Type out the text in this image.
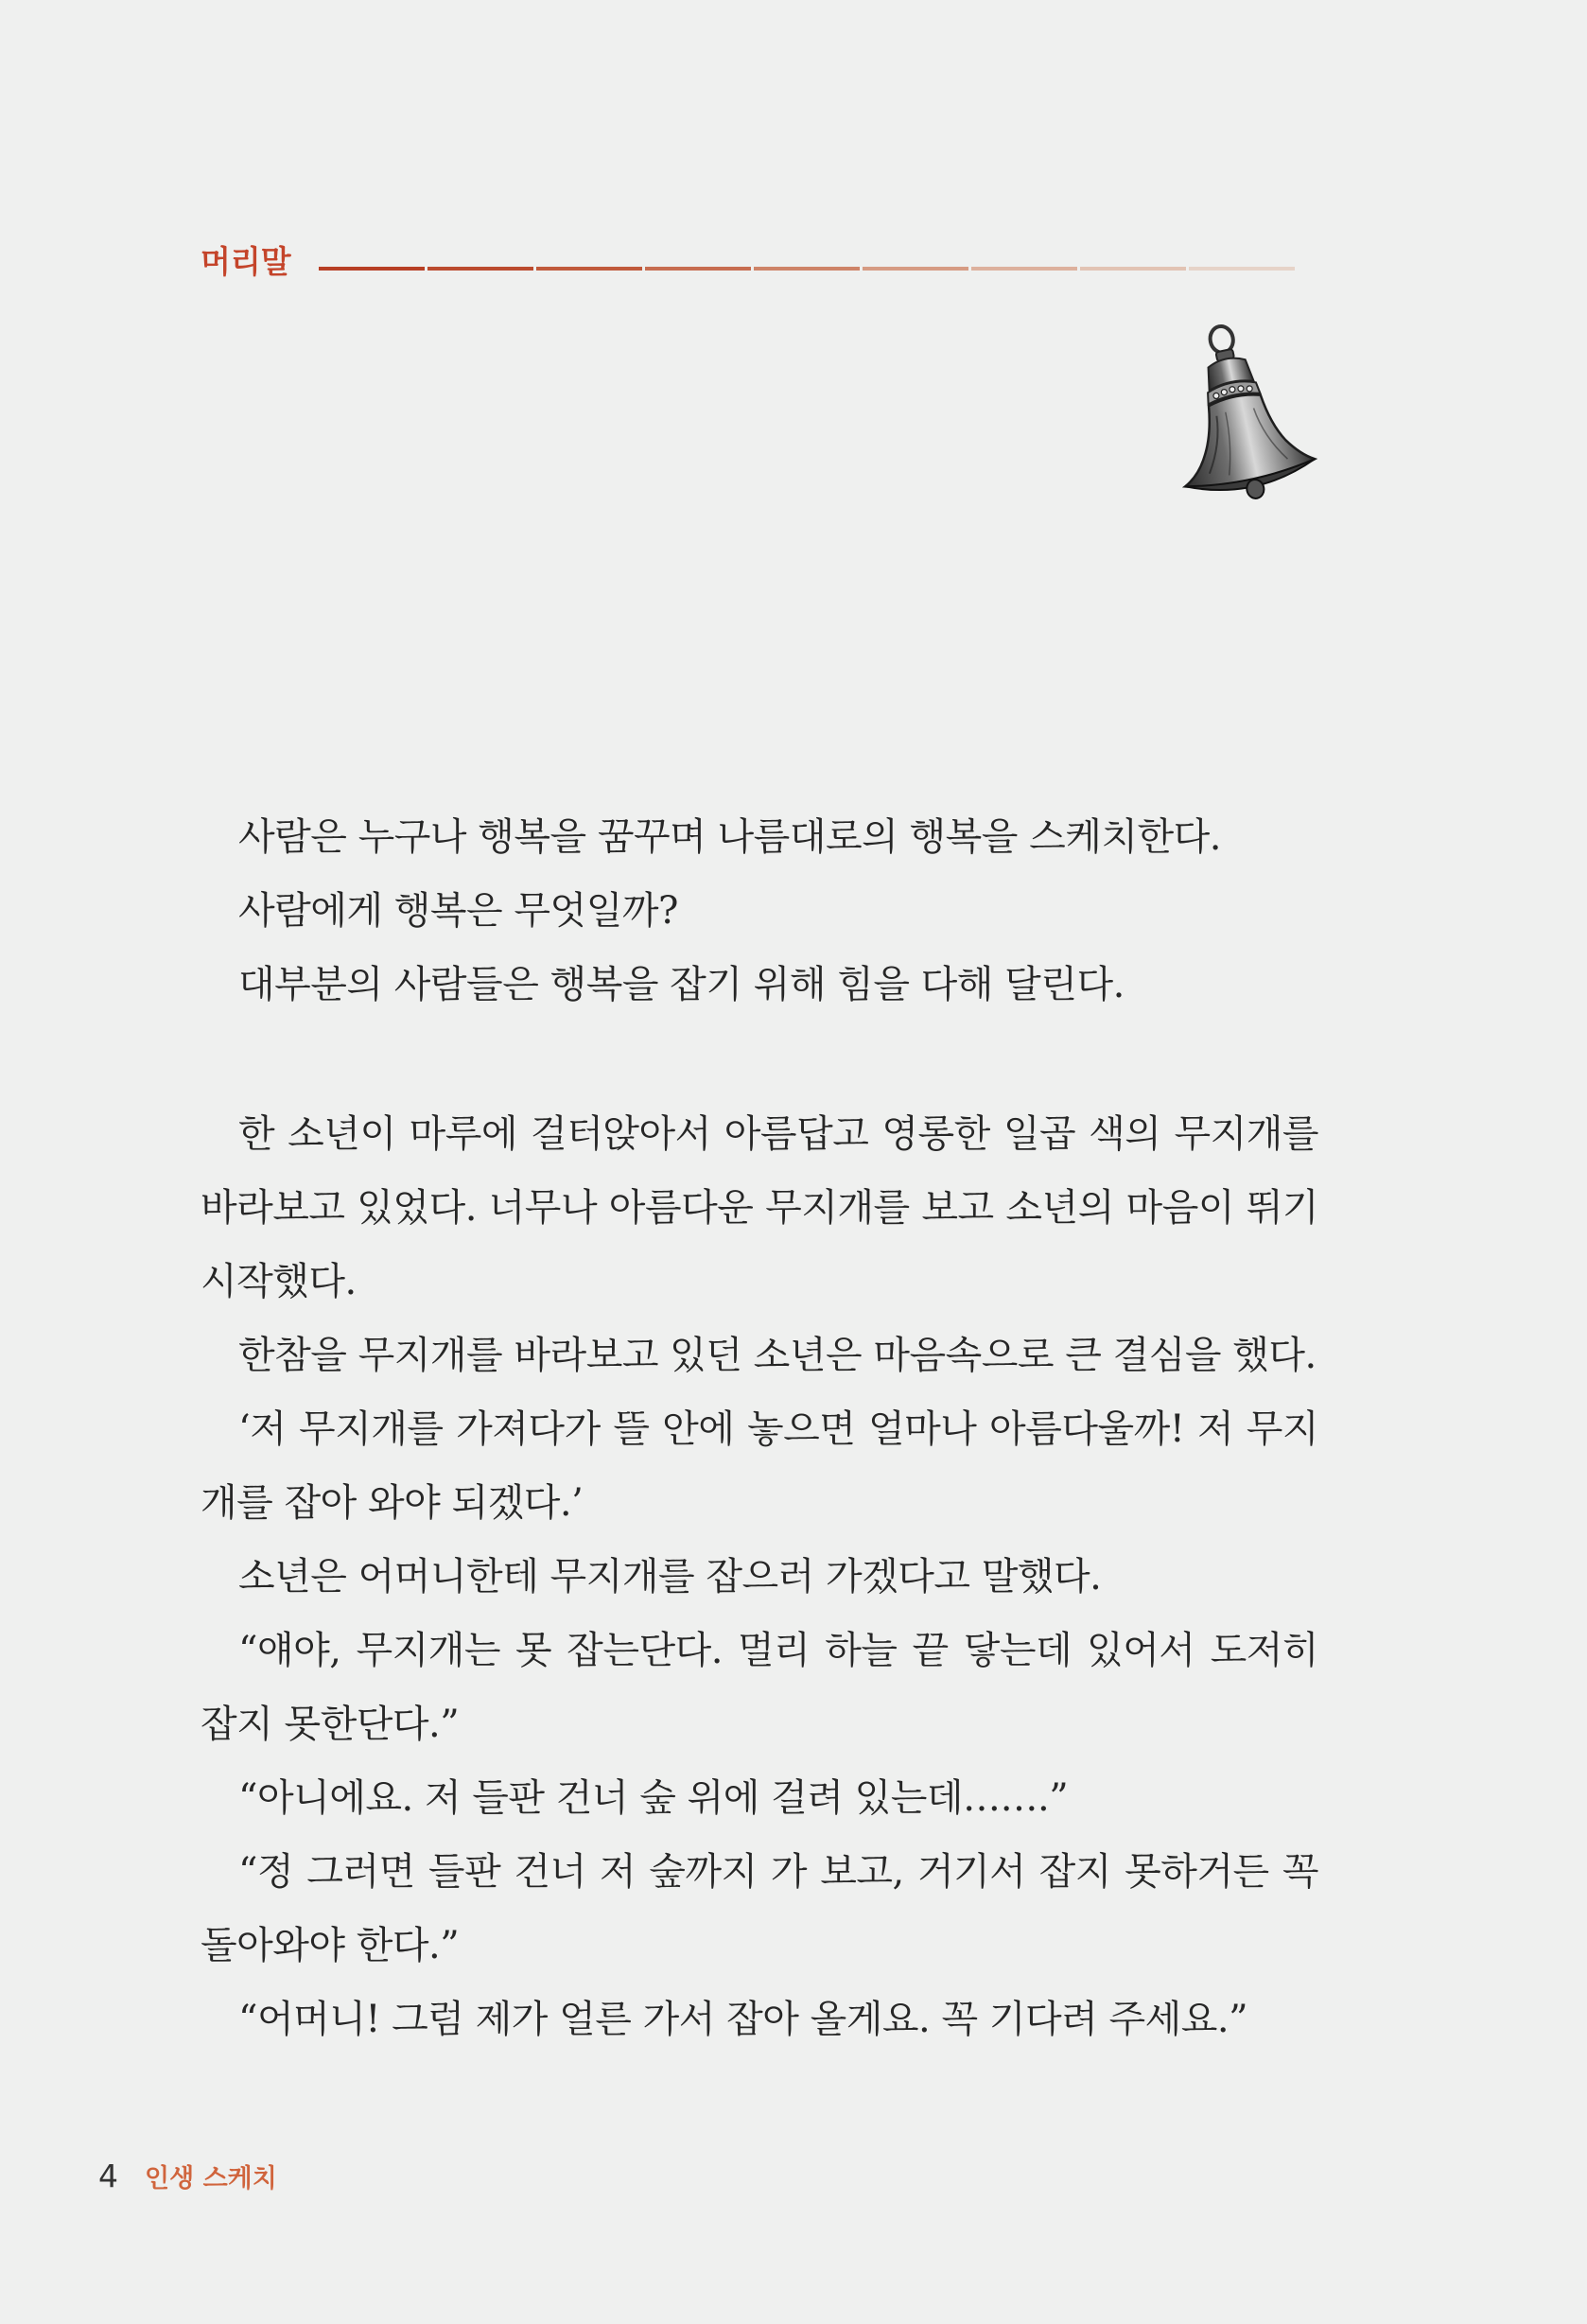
머리말

사람은 누구나 행복을 꿈꾸며 나름대로의 행복을 스케치한다.

사람에게 행복은 무엇일까?

대부분의 사람들은 행복을 잡기 위해 힘을 다해 달린다.

한 소년이 마루에 걸터앉아서 아름답고 영롱한 일곱 색의 무지개를 바라보고 있었다. 너무나 아름다운 무지개를 보고 소년의 마음이 뛰기 시작했다.

한참을 무지개를 바라보고 있던 소년은 마음속으로 큰 결심을 했다.

‘저 무지개를 가져다가 뜰 안에 놓으면 얼마나 아름다울까! 저 무지개를 잡아 와야 되겠다.’

소년은 어머니한테 무지개를 잡으러 가겠다고 말했다.

“얘야, 무지개는 못 잡는단다. 멀리 하늘 끝 닿는데 있어서 도저히 잡지 못한단다.”

“아니에요. 저 들판 건너 숲 위에 걸려 있는데…….”

“정 그러면 들판 건너 저 숲까지 가 보고, 거기서 잡지 못하거든 꼭 돌아와야 한다.”

“어머니! 그럼 제가 얼른 가서 잡아 올게요. 꼭 기다려 주세요.”

4 인생 스케치
